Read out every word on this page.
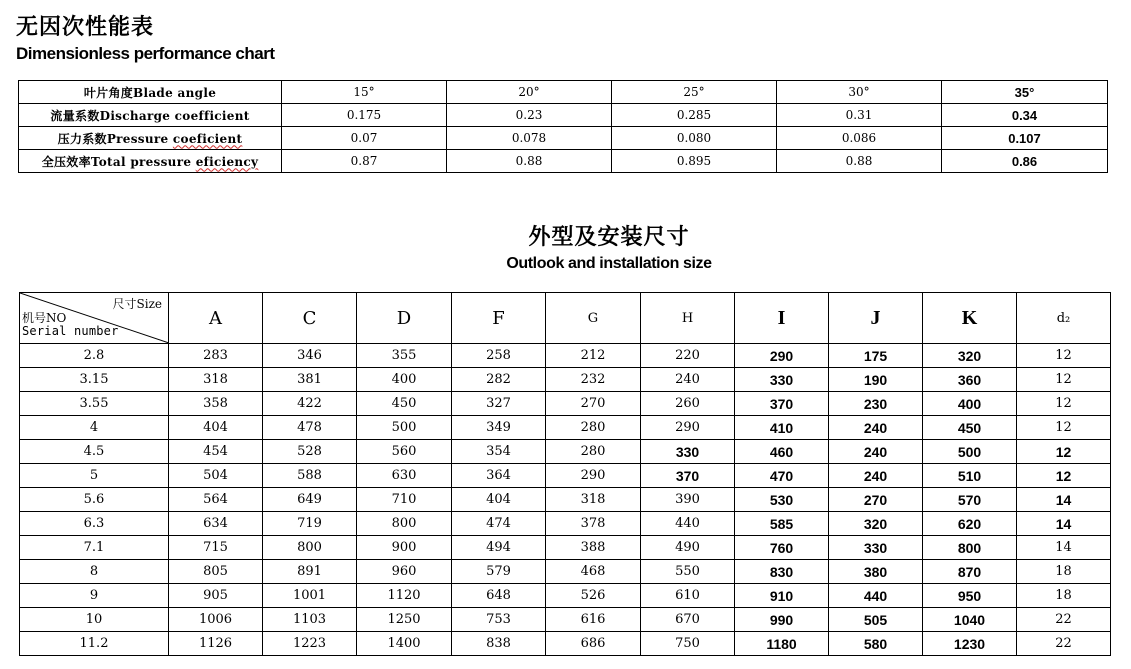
无因次性能表
Dimensionless performance chart
叶片角度Blade angle	15°	20°	25°	30°	35°
流量系数Discharge coefficient	0.175	0.23	0.285	0.31	0.34
压力系数Pressure coeficient	0.07	0.078	0.080	0.086	0.107
全压效率Total pressure eficiency	0.87	0.88	0.895	0.88	0.86
外型及安装尺寸
Outlook and installation size
尺寸Size
机号NO
Serial number	A	C	D	F	G	H	I	J	K	d₂
2.8	283	346	355	258	212	220	290	175	320	12
3.15	318	381	400	282	232	240	330	190	360	12
3.55	358	422	450	327	270	260	370	230	400	12
4	404	478	500	349	280	290	410	240	450	12
4.5	454	528	560	354	280	330	460	240	500	12
5	504	588	630	364	290	370	470	240	510	12
5.6	564	649	710	404	318	390	530	270	570	14
6.3	634	719	800	474	378	440	585	320	620	14
7.1	715	800	900	494	388	490	760	330	800	14
8	805	891	960	579	468	550	830	380	870	18
9	905	1001	1120	648	526	610	910	440	950	18
10	1006	1103	1250	753	616	670	990	505	1040	22
11.2	1126	1223	1400	838	686	750	1180	580	1230	22
